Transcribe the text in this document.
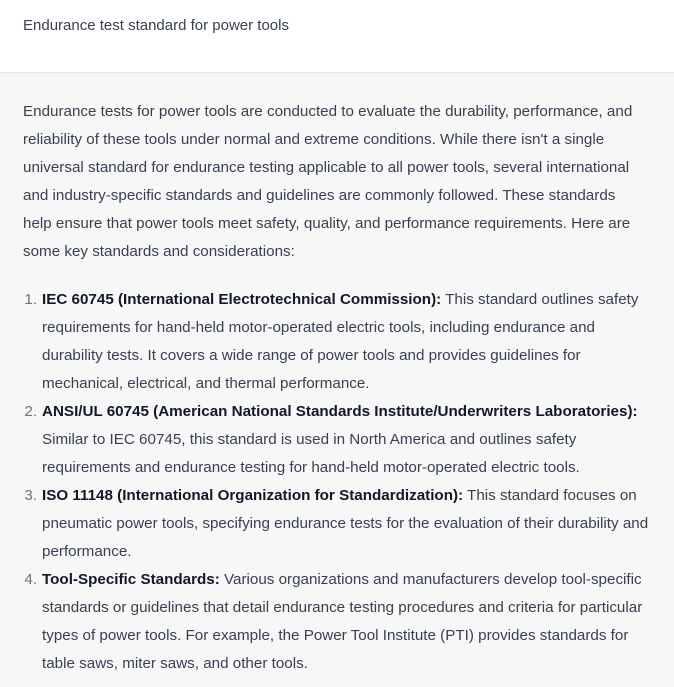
Endurance test standard for power tools

Endurance tests for power tools are conducted to evaluate the durability, performance, and
reliability of these tools under normal and extreme conditions. While there isn't a single
universal standard for endurance testing applicable to all power tools, several international
and industry-specific standards and guidelines are commonly followed. These standards
help ensure that power tools meet safety, quality, and performance requirements. Here are
some key standards and considerations:

1. IEC 60745 (International Electrotechnical Commission): This standard outlines safety
requirements for hand-held motor-operated electric tools, including endurance and
durability tests. It covers a wide range of power tools and provides guidelines for
mechanical, electrical, and thermal performance.
2. ANSI/UL 60745 (American National Standards Institute/Underwriters Laboratories):
Similar to IEC 60745, this standard is used in North America and outlines safety
requirements and endurance testing for hand-held motor-operated electric tools.
3. ISO 11148 (International Organization for Standardization): This standard focuses on
pneumatic power tools, specifying endurance tests for the evaluation of their durability and
performance.
4. Tool-Specific Standards: Various organizations and manufacturers develop tool-specific
standards or guidelines that detail endurance testing procedures and criteria for particular
types of power tools. For example, the Power Tool Institute (PTI) provides standards for
table saws, miter saws, and other tools.
